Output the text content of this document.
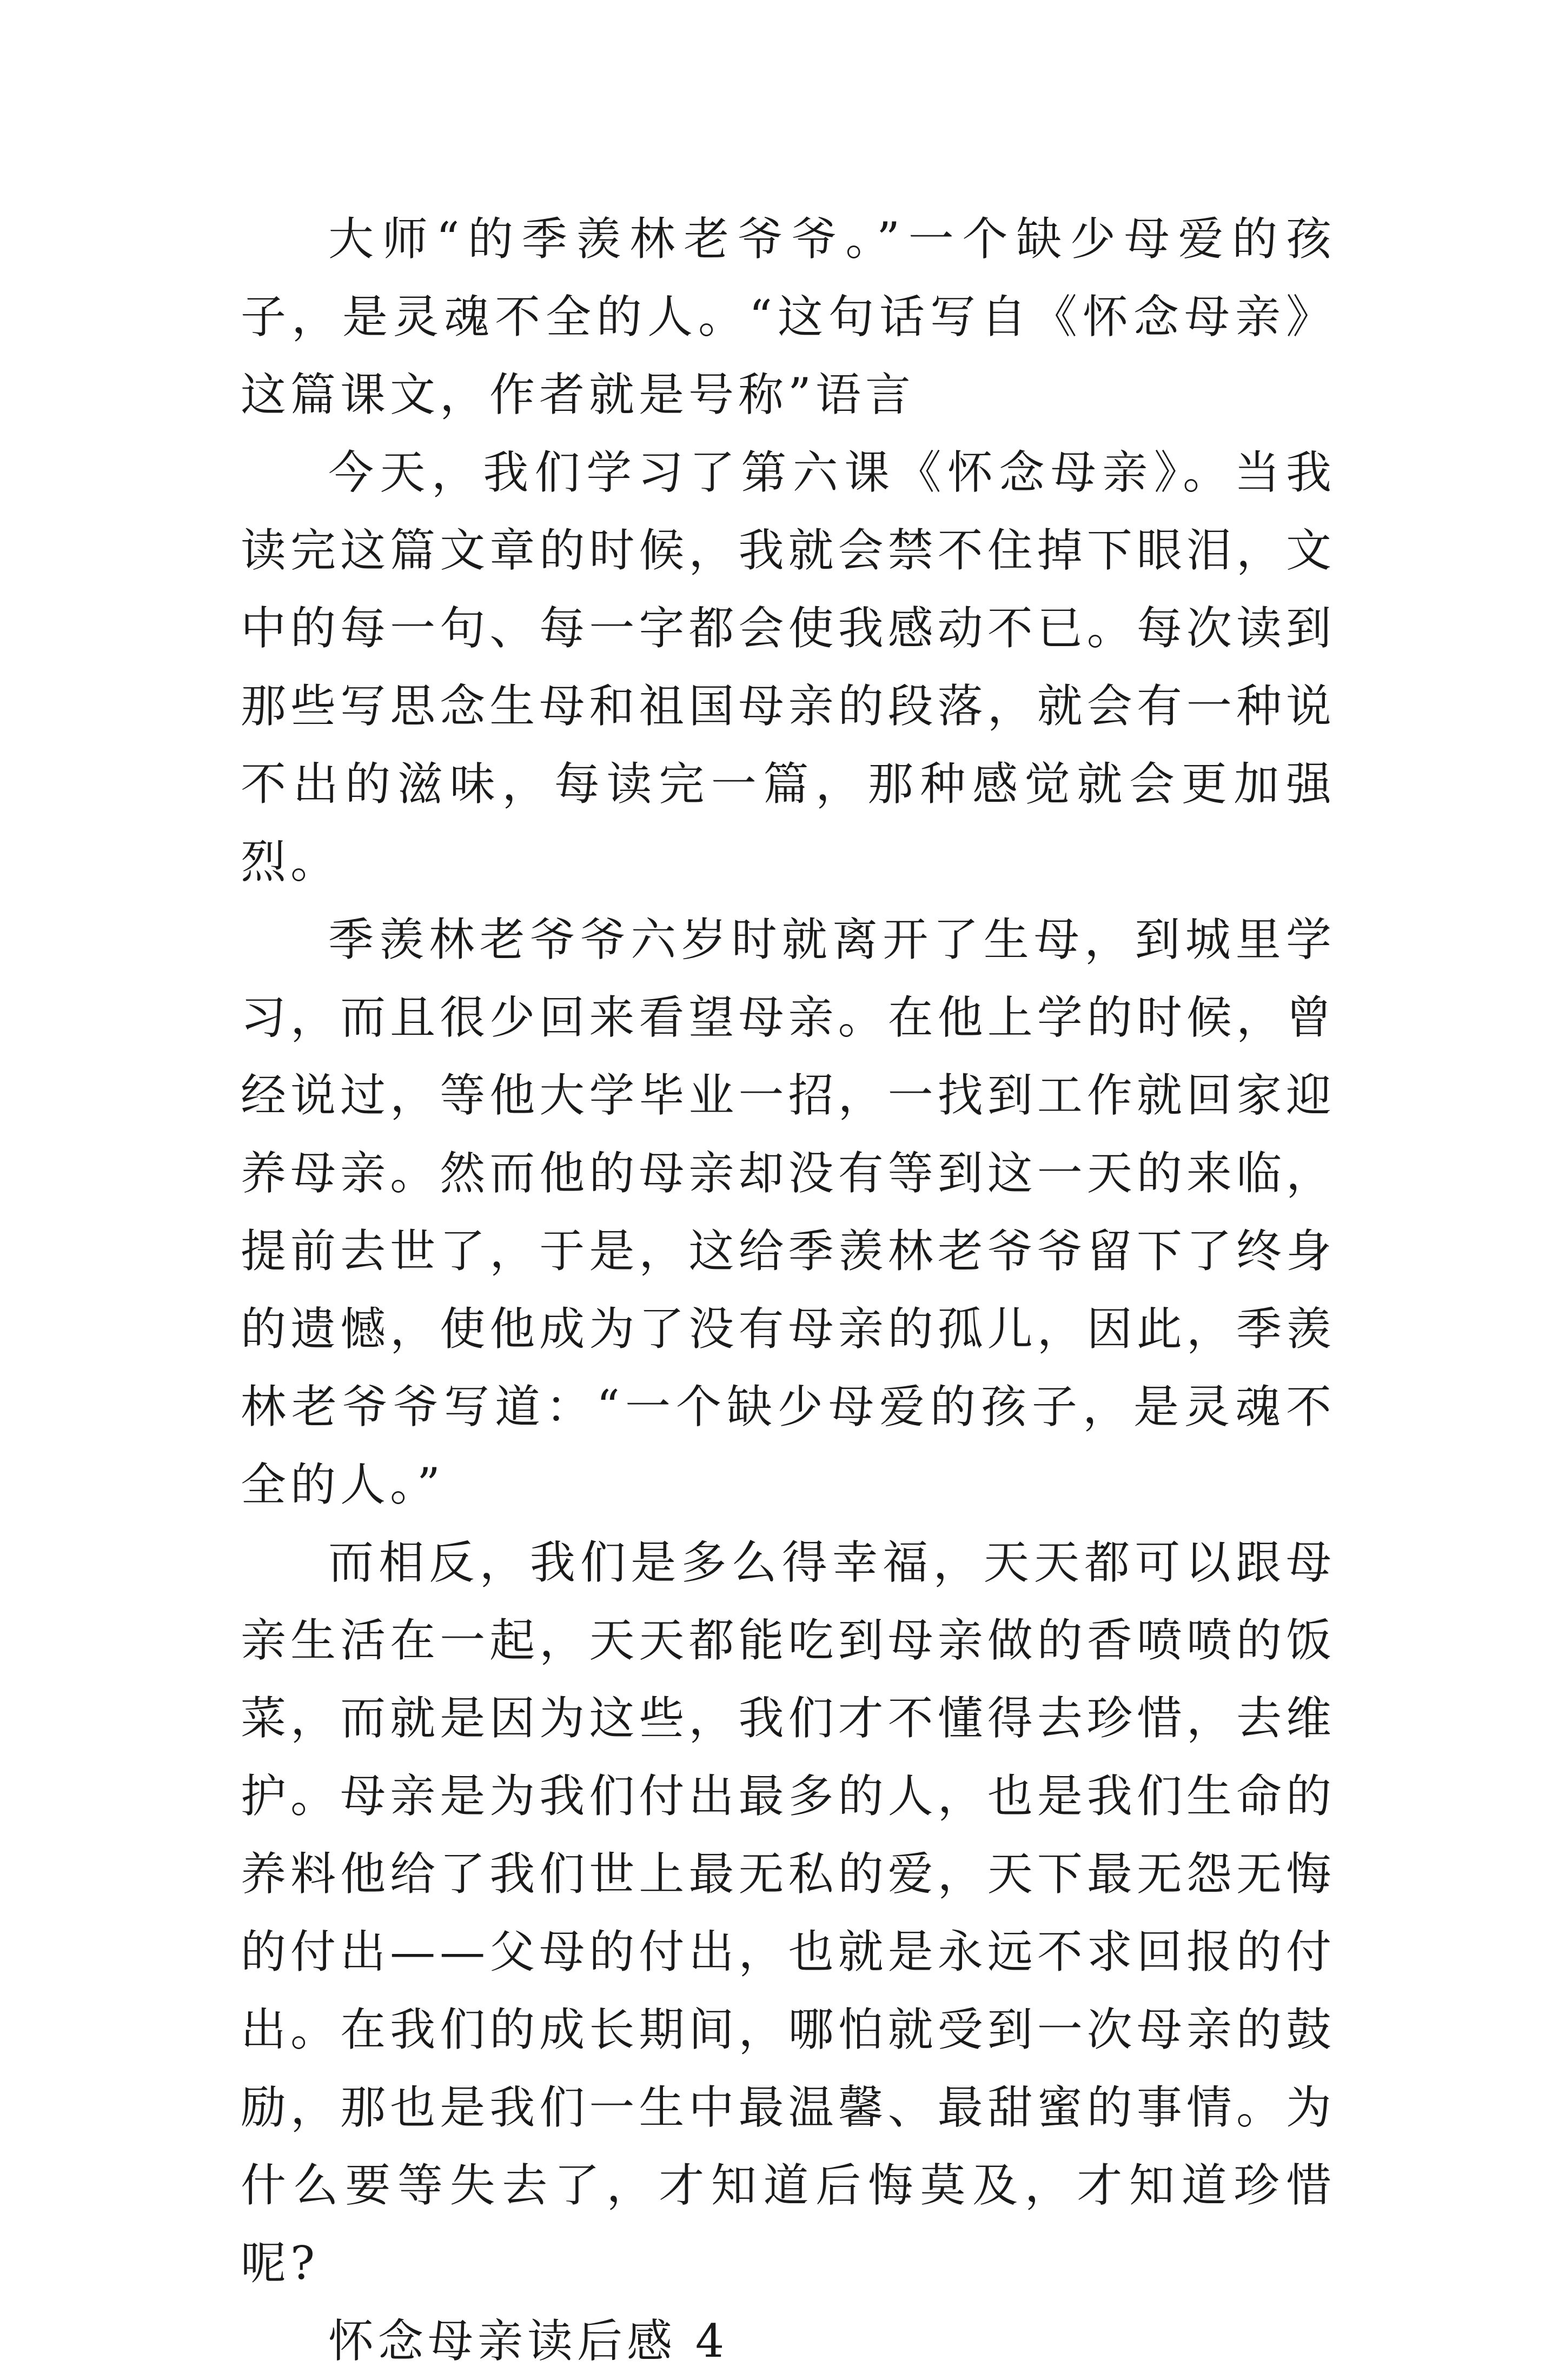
大师“的季羡林老爷爷。”一个缺少母爱的孩子，是灵魂不全的人。“这句话写自《怀念母亲》这篇课文，作者就是号称”语言

今天，我们学习了第六课《怀念母亲》。当我读完这篇文章的时候，我就会禁不住掉下眼泪，文中的每一句、每一字都会使我感动不已。每次读到那些写思念生母和祖国母亲的段落，就会有一种说不出的滋味，每读完一篇，那种感觉就会更加强烈。

季羡林老爷爷六岁时就离开了生母，到城里学习，而且很少回来看望母亲。在他上学的时候，曾经说过，等他大学毕业一招，一找到工作就回家迎养母亲。然而他的母亲却没有等到这一天的来临，提前去世了，于是，这给季羡林老爷爷留下了终身的遗憾，使他成为了没有母亲的孤儿，因此，季羡林老爷爷写道：“一个缺少母爱的孩子，是灵魂不全的人。”

而相反，我们是多么得幸福，天天都可以跟母亲生活在一起，天天都能吃到母亲做的香喷喷的饭菜，而就是因为这些，我们才不懂得去珍惜，去维护。母亲是为我们付出最多的人，也是我们生命的养料他给了我们世上最无私的爱，天下最无怨无悔的付出——父母的付出，也就是永远不求回报的付出。在我们的成长期间，哪怕就受到一次母亲的鼓励，那也是我们一生中最温馨、最甜蜜的事情。为什么要等失去了，才知道后悔莫及，才知道珍惜呢?

怀念母亲读后感 4
